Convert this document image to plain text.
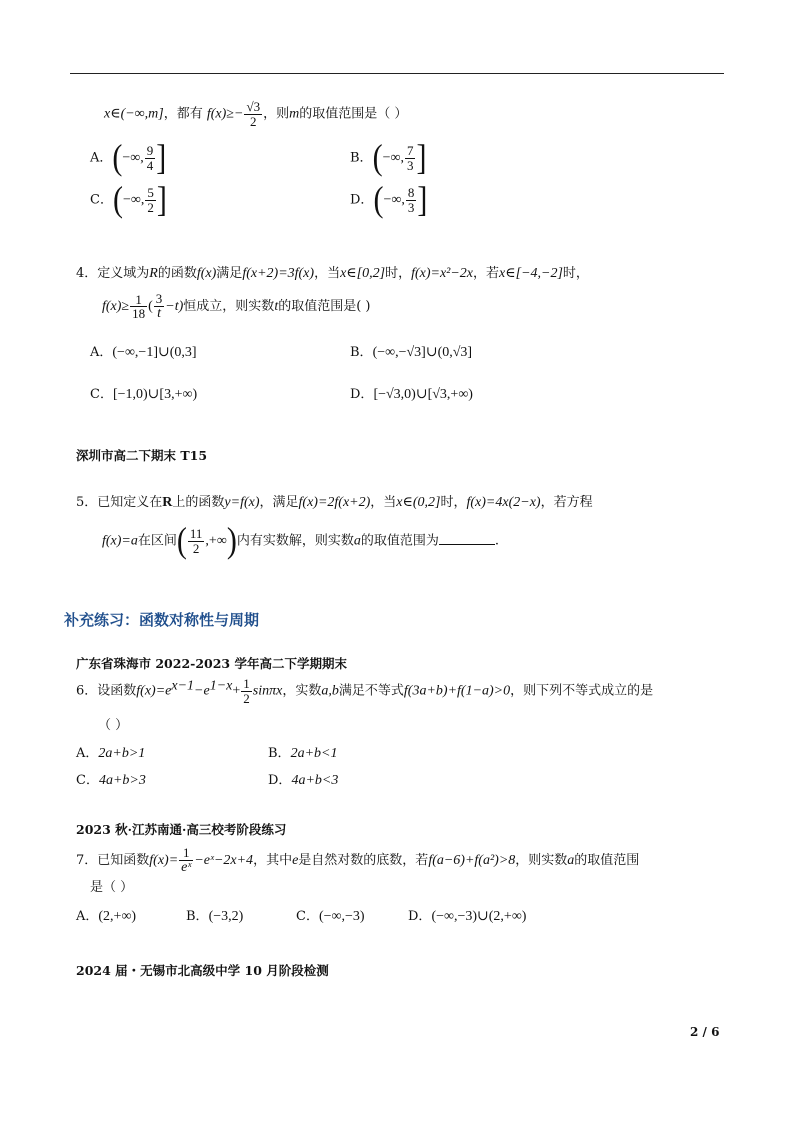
x∈(−∞,m]，都有 $f(x)\ge- \frac{√3}{2}$ ，则m的取值范围是（ ）
A．(−∞, $\frac{9}{4}$ ]	B．(−∞, $\frac{7}{3}$ ]
C．(−∞, $\frac{5}{2}$ ]	D．(−∞, $\frac{8}{3}$ ]
4．定义域为R的函数f(x)满足f(x+2)=3f(x)，当x∈[0,2]时，f(x)=x²−2x，若x∈[−4,−2]时，
$f(x)\ge \frac{1}{18}$ ( $\frac{3}{t} -t$)恒成立，则实数t的取值范围是( )
A．(−∞,−1]∪(0,3]	B．(−∞,−√3]∪(0,√3]
C．[−1,0)∪[3,+∞)	D．[−√3,0)∪[√3,+∞)
深圳市高二下期末 T15
5．已知定义在R上的函数y=f(x)，满足f(x)=2f(x+2)，当x∈(0,2]时，f(x)=4x(2−x)，若方程
f(x)=a在区间( $\frac{11}{2}$ ,+∞)内有实数解，则实数a的取值范围为	.
补充练习：函数对称性与周期
广东省珠海市 2022-2023 学年高二下学期期末
6．设函数$f(x)=e^{x-1}-e^{1-x}+ \frac{1}{2}$ sinπx，实数a,b满足不等式f(3a+b)+f(1−a)>0，则下列不等式成立的是
（ ）
A．2a+b>1	B．2a+b<1
C．4a+b>3	D．4a+b<3
2023 秋·江苏南通·高三校考阶段练习
7．已知函数$f(x)= \frac{1}{\text{eˣ}}$ −eˣ−2x+4，其中e是自然对数的底数，若f(a−6)+f(a²)>8，则实数a的取值范围
是（ ）
A．(2,+∞)	B．(−3,2)	C．(−∞,−3)	D．(−∞,−3)∪(2,+∞)
2024 届・无锡市北高级中学 10 月阶段检测
2 / 6
